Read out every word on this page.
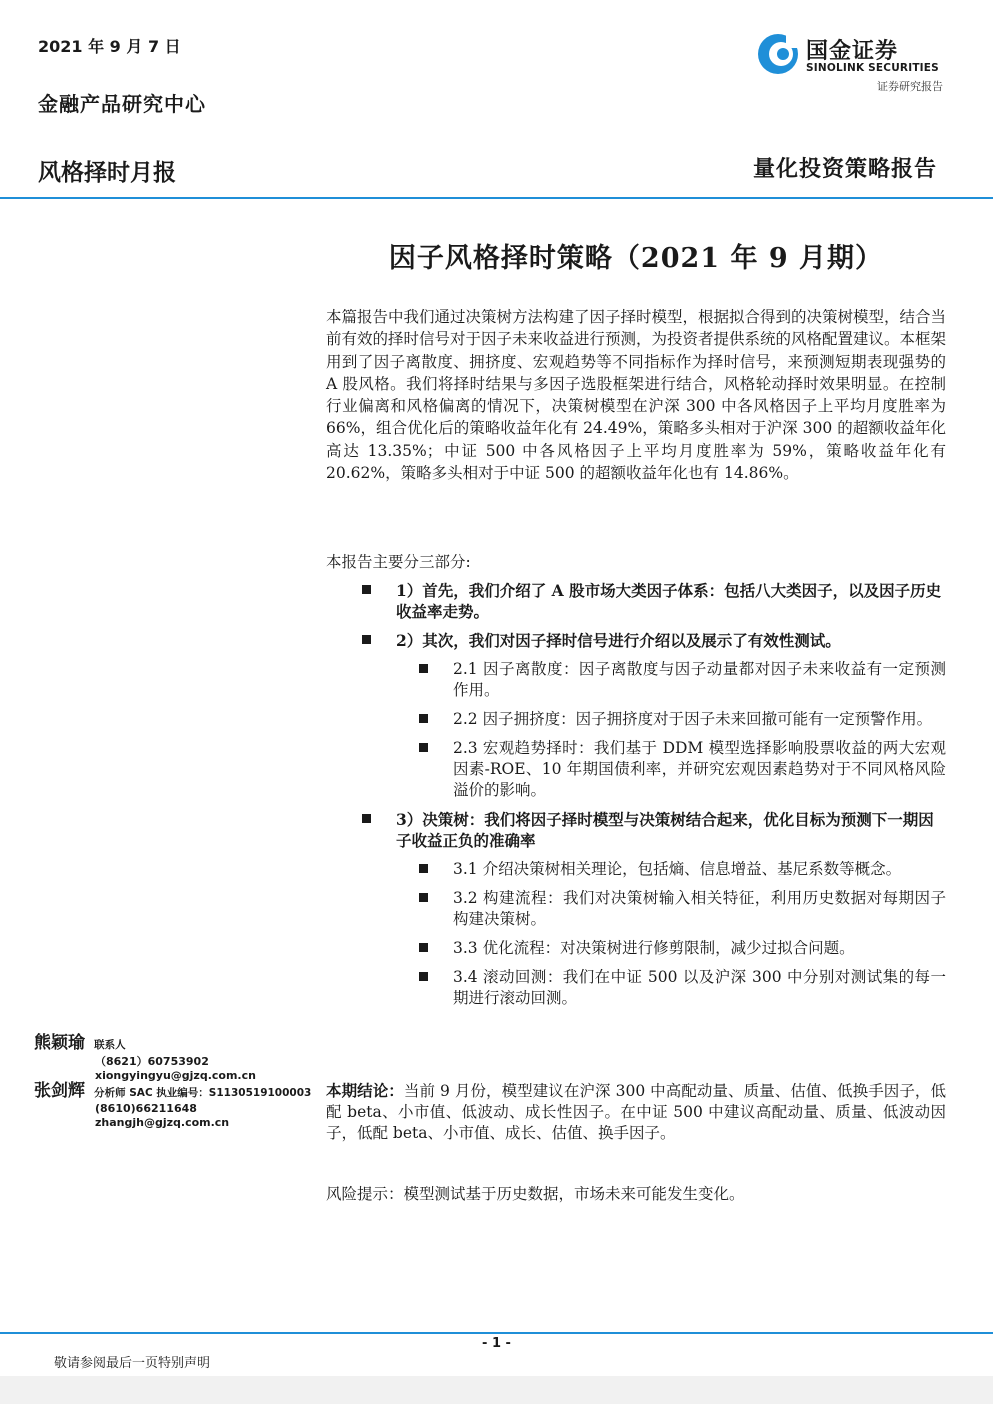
2021 年 9 月 7 日
金融产品研究中心
国金证券
SINOLINK SECURITIES
证券研究报告
风格择时月报	量化投资策略报告
因子风格择时策略（2021 年 9 月期）
本篇报告中我们通过决策树方法构建了因子择时模型，根据拟合得到的决策树模型，结合当前有效的择时信号对于因子未来收益进行预测，为投资者提供系统的风格配置建议。本框架用到了因子离散度、拥挤度、宏观趋势等不同指标作为择时信号，来预测短期表现强势的 A 股风格。我们将择时结果与多因子选股框架进行结合，风格轮动择时效果明显。在控制行业偏离和风格偏离的情况下，决策树模型在沪深 300 中各风格因子上平均月度胜率为 66%，组合优化后的策略收益年化有 24.49%，策略多头相对于沪深 300 的超额收益年化高达 13.35%；中证 500 中各风格因子上平均月度胜率为 59%，策略收益年化有 20.62%，策略多头相对于中证 500 的超额收益年化也有 14.86%。
本报告主要分三部分:
1）首先，我们介绍了 A 股市场大类因子体系：包括八大类因子，以及因子历史收益率走势。
2）其次，我们对因子择时信号进行介绍以及展示了有效性测试。
2.1 因子离散度：因子离散度与因子动量都对因子未来收益有一定预测作用。
2.2 因子拥挤度：因子拥挤度对于因子未来回撤可能有一定预警作用。
2.3 宏观趋势择时：我们基于 DDM 模型选择影响股票收益的两大宏观因素-ROE、10 年期国债利率，并研究宏观因素趋势对于不同风格风险溢价的影响。
3）决策树：我们将因子择时模型与决策树结合起来，优化目标为预测下一期因子收益正负的准确率
3.1 介绍决策树相关理论，包括熵、信息增益、基尼系数等概念。
3.2 构建流程：我们对决策树输入相关特征，利用历史数据对每期因子构建决策树。
3.3 优化流程：对决策树进行修剪限制，减少过拟合问题。
3.4 滚动回测：我们在中证 500 以及沪深 300 中分别对测试集的每一期进行滚动回测。
熊颖瑜 联系人
（8621）60753902
xiongyingyu@gjzq.com.cn
张剑辉 分析师 SAC 执业编号：S1130519100003
(8610)66211648
zhangjh@gjzq.com.cn
本期结论：当前 9 月份，模型建议在沪深 300 中高配动量、质量、估值、低换手因子，低配 beta、小市值、低波动、成长性因子。在中证 500 中建议高配动量、质量、低波动因子，低配 beta、小市值、成长、估值、换手因子。
风险提示：模型测试基于历史数据，市场未来可能发生变化。
- 1 -
敬请参阅最后一页特别声明
